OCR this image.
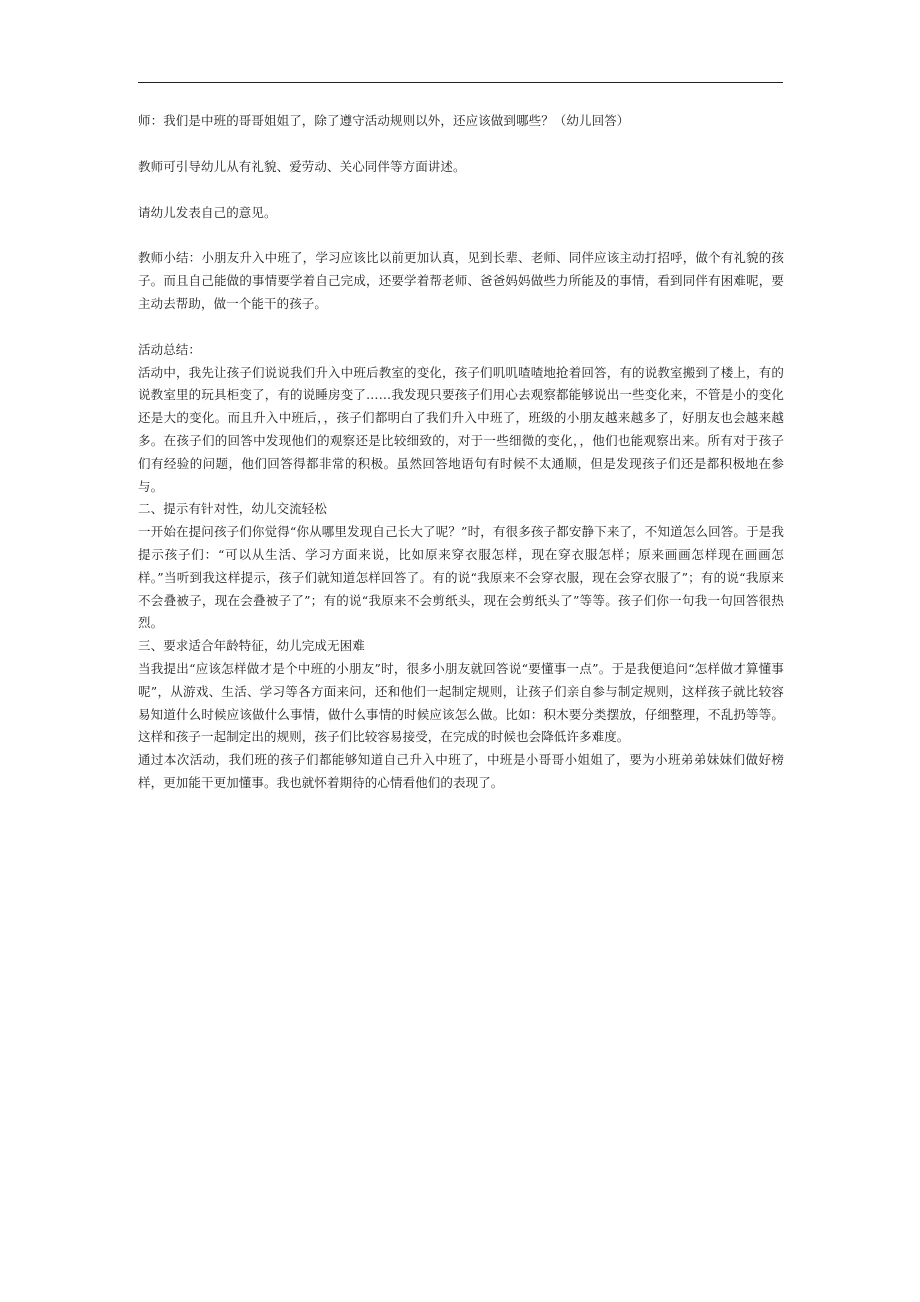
师：我们是中班的哥哥姐姐了，除了遵守活动规则以外，还应该做到哪些？（幼儿回答）

教师可引导幼儿从有礼貌、爱劳动、关心同伴等方面讲述。

请幼儿发表自己的意见。

教师小结：小朋友升入中班了，学习应该比以前更加认真，见到长辈、老师、同伴应该主动打招呼，做个有礼貌的孩子。而且自己能做的事情要学着自己完成，还要学着帮老师、爸爸妈妈做些力所能及的事情，看到同伴有困难呢，要主动去帮助，做一个能干的孩子。

活动总结：

活动中，我先让孩子们说说我们升入中班后教室的变化，孩子们叽叽喳喳地抢着回答，有的说教室搬到了楼上，有的说教室里的玩具柜变了，有的说睡房变了……我发现只要孩子们用心去观察都能够说出一些变化来，不管是小的变化还是大的变化。而且升入中班后，，孩子们都明白了我们升入中班了，班级的小朋友越来越多了，好朋友也会越来越多。在孩子们的回答中发现他们的观察还是比较细致的，对于一些细微的变化，，他们也能观察出来。所有对于孩子们有经验的问题，他们回答得都非常的积极。虽然回答地语句有时候不太通顺，但是发现孩子们还是都积极地在参与。

二、提示有针对性，幼儿交流轻松

一开始在提问孩子们你觉得“你从哪里发现自己长大了呢？”时，有很多孩子都安静下来了，不知道怎么回答。于是我提示孩子们：“可以从生活、学习方面来说，比如原来穿衣服怎样，现在穿衣服怎样；原来画画怎样现在画画怎样。”当听到我这样提示，孩子们就知道怎样回答了。有的说“我原来不会穿衣服，现在会穿衣服了”；有的说“我原来不会叠被子，现在会叠被子了”；有的说“我原来不会剪纸头，现在会剪纸头了”等等。孩子们你一句我一句回答很热烈。

三、要求适合年龄特征，幼儿完成无困难

当我提出“应该怎样做才是个中班的小朋友”时，很多小朋友就回答说“要懂事一点”。于是我便追问“怎样做才算懂事呢”，从游戏、生活、学习等各方面来问，还和他们一起制定规则，让孩子们亲自参与制定规则，这样孩子就比较容易知道什么时候应该做什么事情，做什么事情的时候应该怎么做。比如：积木要分类摆放，仔细整理，不乱扔等等。这样和孩子一起制定出的规则，孩子们比较容易接受，在完成的时候也会降低许多难度。

通过本次活动，我们班的孩子们都能够知道自己升入中班了，中班是小哥哥小姐姐了，要为小班弟弟妹妹们做好榜样，更加能干更加懂事。我也就怀着期待的心情看他们的表现了。
